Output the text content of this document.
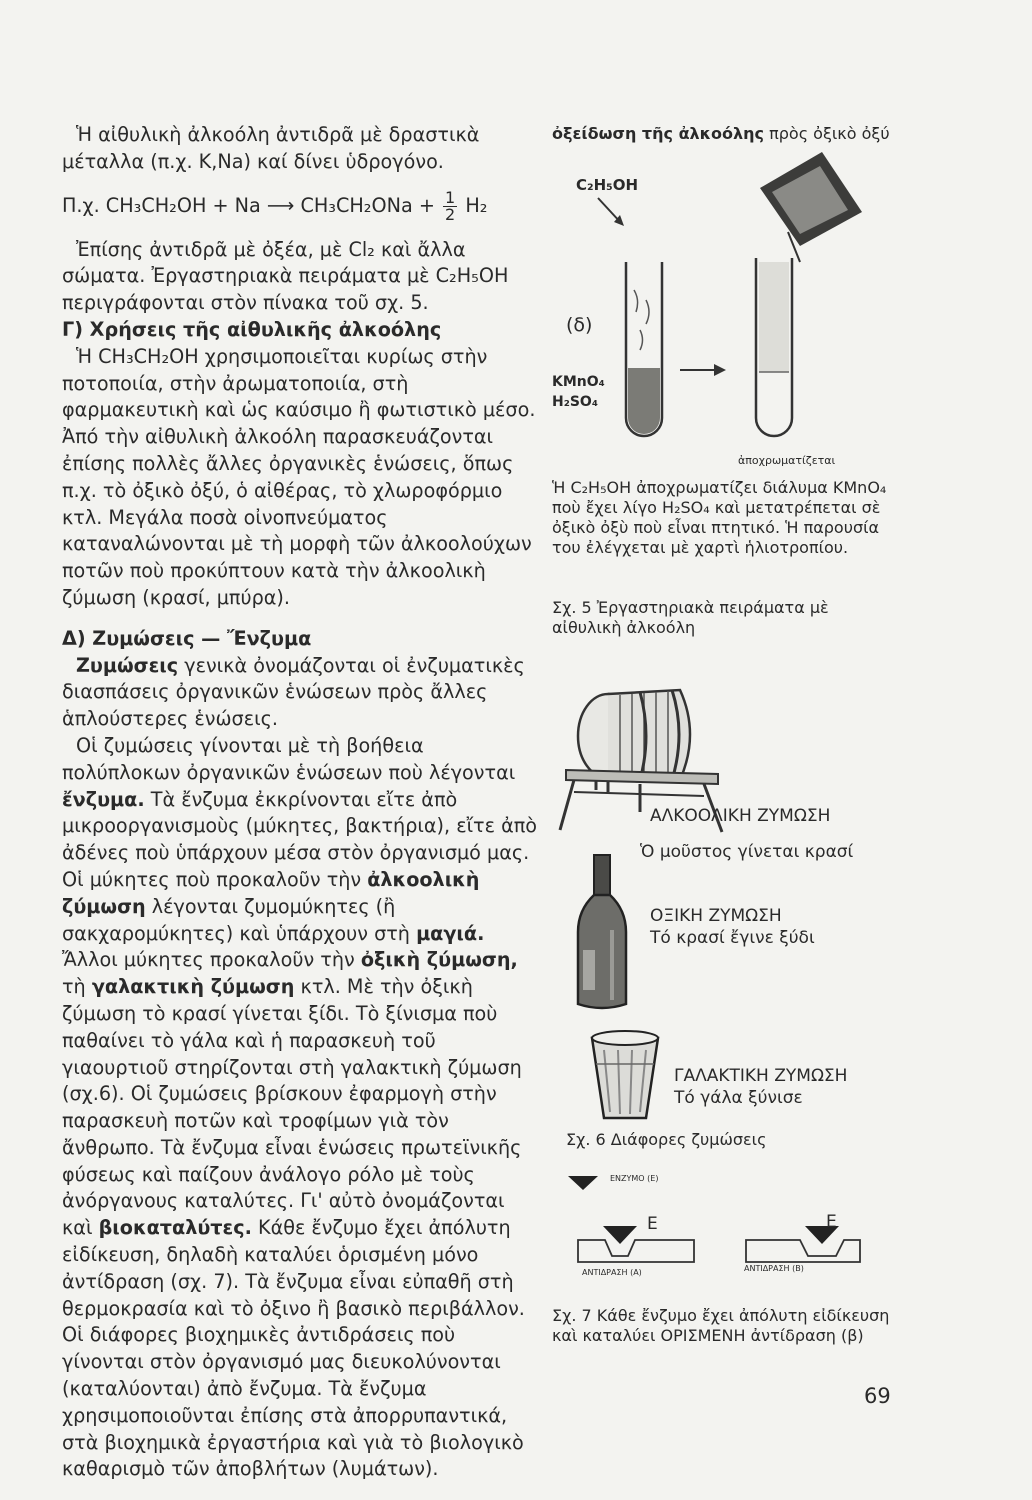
Ἡ αἰθυλικὴ ἀλκοόλη ἀντιδρᾶ μὲ δραστικὰ μέταλλα (π.χ. K,Na) καί δίνει ὑδρογόνο.

Π.χ. CH₃CH₂OH + Na ⟶ $CH_3CH_2ONa + \frac{1}{2} H_2$

Ἐπίσης ἀντιδρᾶ μὲ ὀξέα, μὲ Cl₂ καὶ ἄλλα σώματα. Ἐργαστηριακὰ πειράματα μὲ C₂H₅OH περιγράφονται στὸν πίνακα τοῦ σχ. 5.

Γ) Χρήσεις τῆς αἰθυλικῆς ἀλκοόλης

Ἡ CH₃CH₂OH χρησιμοποιεῖται κυρίως στὴν ποτοποιία, στὴν ἀρωματοποιία, στὴ φαρμακευτικὴ καὶ ὡς καύσιμο ἢ φωτιστικὸ μέσο. Ἀπό τὴν αἰθυλικὴ ἀλκοόλη παρασκευάζονται ἐπίσης πολλὲς ἄλλες ὀργανικὲς ἑνώσεις, ὅπως π.χ. τὸ ὀξικὸ ὀξύ, ὁ αἰθέρας, τὸ χλωροφόρμιο κτλ. Μεγάλα ποσὰ οἰνοπνεύματος καταναλώνονται μὲ τὴ μορφὴ τῶν ἀλκοολούχων ποτῶν ποὺ προκύπτουν κατὰ τὴν ἀλκοολικὴ ζύμωση (κρασί, μπύρα).

Δ) Ζυμώσεις — Ἔνζυμα

Ζυμώσεις γενικὰ ὀνομάζονται οἱ ἐνζυματικὲς διασπάσεις ὀργανικῶν ἑνώσεων πρὸς ἄλλες ἁπλούστερες ἑνώσεις.

Οἱ ζυμώσεις γίνονται μὲ τὴ βοήθεια πολύπλοκων ὀργανικῶν ἑνώσεων ποὺ λέγονται ἔνζυμα. Τὰ ἔνζυμα ἐκκρίνονται εἴτε ἀπὸ μικροοργανισμοὺς (μύκητες, βακτήρια), εἴτε ἀπὸ ἀδένες ποὺ ὑπάρχουν μέσα στὸν ὀργανισμό μας. Οἱ μύκητες ποὺ προκαλοῦν τὴν ἀλκοολικὴ ζύμωση λέγονται ζυμομύκητες (ἢ σακχαρομύκητες) καὶ ὑπάρχουν στὴ μαγιά. Ἄλλοι μύκητες προκαλοῦν τὴν ὀξικὴ ζύμωση, τὴ γαλακτικὴ ζύμωση κτλ. Μὲ τὴν ὀξικὴ ζύμωση τὸ κρασί γίνεται ξίδι. Τὸ ξίνισμα ποὺ παθαίνει τὸ γάλα καὶ ἡ παρασκευὴ τοῦ γιαουρτιοῦ στηρίζονται στὴ γαλακτικὴ ζύμωση (σχ.6). Οἱ ζυμώσεις βρίσκουν ἐφαρμογὴ στὴν παρασκευὴ ποτῶν καὶ τροφίμων γιὰ τὸν ἄνθρωπο. Τὰ ἔνζυμα εἶναι ἑνώσεις πρωτεϊνικῆς φύσεως καὶ παίζουν ἀνάλογο ρόλο μὲ τοὺς ἀνόργανους καταλύτες. Γι' αὐτὸ ὀνομάζονται καὶ βιοκαταλύτες. Κάθε ἔνζυμο ἔχει ἀπόλυτη εἰδίκευση, δηλαδὴ καταλύει ὁρισμένη μόνο ἀντίδραση (σχ. 7). Τὰ ἔνζυμα εἶναι εὐπαθῆ στὴ θερμοκρασία καὶ τὸ ὀξινο ἢ βασικὸ περιβάλλον. Οἱ διάφορες βιοχημικὲς ἀντιδράσεις ποὺ γίνονται στὸν ὀργανισμό μας διευκολύνονται (καταλύονται) ἀπὸ ἔνζυμα. Τὰ ἔνζυμα χρησιμοποιοῦνται ἐπίσης στὰ ἀπορρυπαντικά, στὰ βιοχημικὰ ἐργαστήρια καὶ γιὰ τὸ βιολογικὸ καθαρισμὸ τῶν ἀποβλήτων (λυμάτων).

ὀξείδωση τῆς ἀλκοόλης πρὸς ὀξικὸ ὀξύ
C₂H₅OH
(δ)
KMnO₄
H₂SO₄
ἀποχρωματίζεται
Ἡ C₂H₅OH ἀποχρωματίζει διάλυμα KMnO₄ ποὺ ἔχει λίγο H₂SO₄ καὶ μετατρέπεται σὲ ὀξικὸ ὀξὺ ποὺ εἶναι πτητικό. Ἡ παρουσία του ἐλέγχεται μὲ χαρτὶ ἡλιοτροπίου.
Σχ. 5 Ἐργαστηριακὰ πειράματα μὲ αἰθυλικὴ ἀλκοόλη
ΑΛΚΟΟΛΙΚΗ ΖΥΜΩΣΗ
Ὁ μοῦστος γίνεται κρασί
ΟΞΙΚΗ ΖΥΜΩΣΗ
Τό κρασί ἔγινε ξύδι
ΓΑΛΑΚΤΙΚΗ ΖΥΜΩΣΗ
Τό γάλα ξύνισε
Σχ. 6 Διάφορες ζυμώσεις
ΕΝΖΥΜΟ (Ε)
Ε	Ε
ΑΝΤΙΔΡΑΣΗ (Α)	ΑΝΤΙΔΡΑΣΗ (Β)
Σχ. 7 Κάθε ἔνζυμο ἔχει ἀπόλυτη εἰδίκευση καὶ καταλύει ΟΡΙΣΜΕΝΗ ἀντίδραση (β)
69
